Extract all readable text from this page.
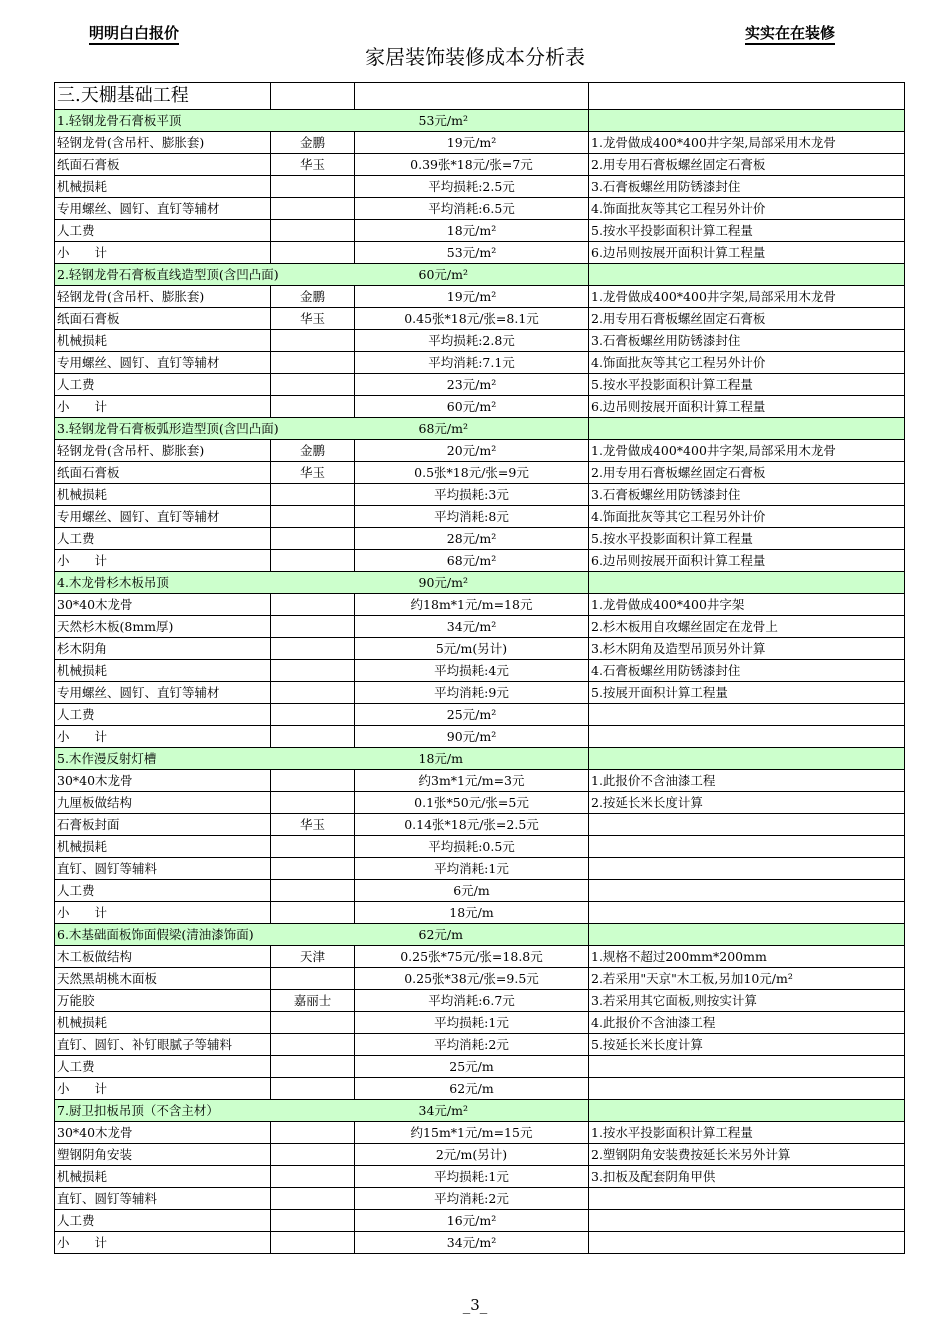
明明白白报价	实实在在装修
家居装饰装修成本分析表
三.天棚基础工程			
1.轻钢龙骨石膏板平顶		53元/m²	
轻钢龙骨(含吊杆、膨胀套)	金鹏	19元/m²	1.龙骨做成400*400井字架,局部采用木龙骨
纸面石膏板	华玉	0.39张*18元/张=7元	2.用专用石膏板螺丝固定石膏板
机械损耗		平均损耗:2.5元	3.石膏板螺丝用防锈漆封住
专用螺丝、圆钉、直钉等辅材		平均消耗:6.5元	4.饰面批灰等其它工程另外计价
人工费		18元/m²	5.按水平投影面积计算工程量
小　　计		53元/m²	6.边吊则按展开面积计算工程量
2.轻钢龙骨石膏板直线造型顶(含凹凸面)		60元/m²	
轻钢龙骨(含吊杆、膨胀套)	金鹏	19元/m²	1.龙骨做成400*400井字架,局部采用木龙骨
纸面石膏板	华玉	0.45张*18元/张=8.1元	2.用专用石膏板螺丝固定石膏板
机械损耗		平均损耗:2.8元	3.石膏板螺丝用防锈漆封住
专用螺丝、圆钉、直钉等辅材		平均消耗:7.1元	4.饰面批灰等其它工程另外计价
人工费		23元/m²	5.按水平投影面积计算工程量
小　　计		60元/m²	6.边吊则按展开面积计算工程量
3.轻钢龙骨石膏板弧形造型顶(含凹凸面)		68元/m²	
轻钢龙骨(含吊杆、膨胀套)	金鹏	20元/m²	1.龙骨做成400*400井字架,局部采用木龙骨
纸面石膏板	华玉	0.5张*18元/张=9元	2.用专用石膏板螺丝固定石膏板
机械损耗		平均损耗:3元	3.石膏板螺丝用防锈漆封住
专用螺丝、圆钉、直钉等辅材		平均消耗:8元	4.饰面批灰等其它工程另外计价
人工费		28元/m²	5.按水平投影面积计算工程量
小　　计		68元/m²	6.边吊则按展开面积计算工程量
4.木龙骨杉木板吊顶		90元/m²	
30*40木龙骨		约18m*1元/m=18元	1.龙骨做成400*400井字架
天然杉木板(8mm厚)		34元/m²	2.杉木板用自攻螺丝固定在龙骨上
杉木阴角		5元/m(另计)	3.杉木阴角及造型吊顶另外计算
机械损耗		平均损耗:4元	4.石膏板螺丝用防锈漆封住
专用螺丝、圆钉、直钉等辅材		平均消耗:9元	5.按展开面积计算工程量
人工费		25元/m²	
小　　计		90元/m²	
5.木作漫反射灯槽		18元/m	
30*40木龙骨		约3m*1元/m=3元	1.此报价不含油漆工程
九厘板做结构		0.1张*50元/张=5元	2.按延长米长度计算
石膏板封面	华玉	0.14张*18元/张=2.5元	
机械损耗		平均损耗:0.5元	
直钉、圆钉等辅料		平均消耗:1元	
人工费		6元/m	
小　　计		18元/m	
6.木基础面板饰面假梁(清油漆饰面)		62元/m	
木工板做结构	天津	0.25张*75元/张=18.8元	1.规格不超过200mm*200mm
天然黑胡桃木面板		0.25张*38元/张=9.5元	2.若采用"天京"木工板,另加10元/m²
万能胶	嘉丽士	平均消耗:6.7元	3.若采用其它面板,则按实计算
机械损耗		平均损耗:1元	4.此报价不含油漆工程
直钉、圆钉、补钉眼腻子等辅料		平均消耗:2元	5.按延长米长度计算
人工费		25元/m	
小　　计		62元/m	
7.厨卫扣板吊顶（不含主材）		34元/m²	
30*40木龙骨		约15m*1元/m=15元	1.按水平投影面积计算工程量
塑钢阴角安装		2元/m(另计)	2.塑钢阴角安装费按延长米另外计算
机械损耗		平均损耗:1元	3.扣板及配套阴角甲供
直钉、圆钉等辅料		平均消耗:2元	
人工费		16元/m²	
小　　计		34元/m²	
_3_
